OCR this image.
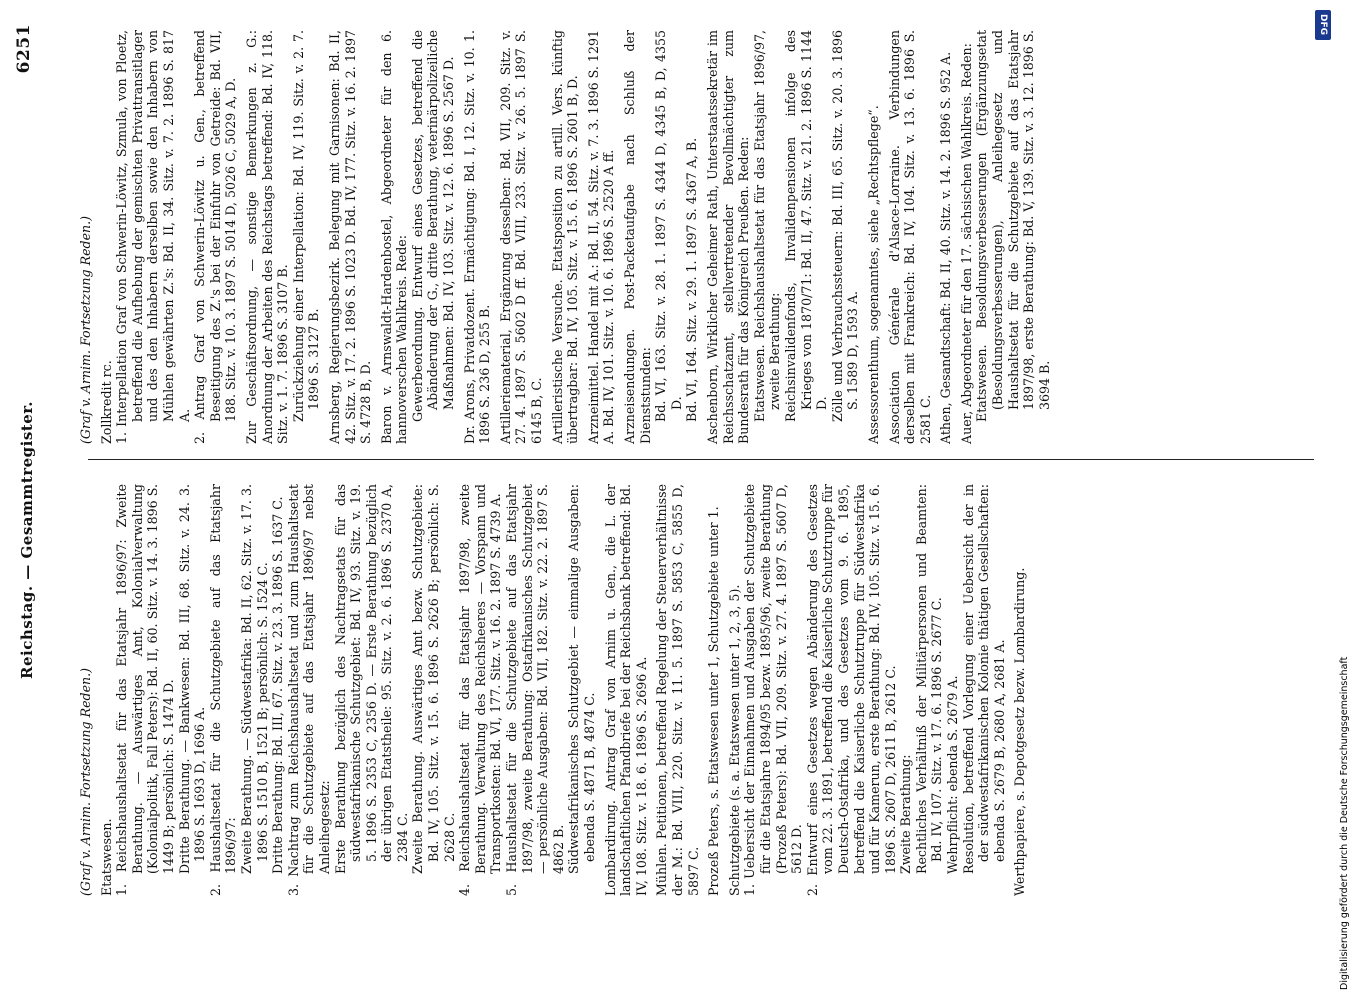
Reichstag. — Gesammtregister.
6251

(Graf v. Arnim. Fortsetzung Reden.) Etatswesen. 1. Reichshaushaltsetat für das Etatsjahr 1896/97: Zweite Berathung. — Auswärtiges Amt, Kolonialverwaltung (Kolonialpolitik, Fall Peters): Bd. II, 60. Sitz. v. 14. 3. 1896 S. 1449 B; persönlich: S. 1474 D. Dritte Berathung. — Bankwesen: Bd. III, 68. Sitz. v. 24. 3. 1896 S. 1693 D, 1696 A. 2. Haushaltsetat für die Schutzgebiete auf das Etatsjahr 1896/97: Zweite Berathung. — Südwestafrika: Bd. II, 62. Sitz. v. 17. 3. 1896 S. 1510 B, 1521 B; persönlich: S. 1524 C. Dritte Berathung: Bd. III, 67. Sitz. v. 23. 3. 1896 S. 1637 C. 3. Nachtrag zum Reichshaushaltsetat und zum Haushaltsetat für die Schutzgebiete auf das Etatsjahr 1896/97 nebst Anleihegesetz: Erste Berathung bezüglich des Nachtragsetats für das südwestafrikanische Schutzgebiet: Bd. IV, 93. Sitz. v. 19. 5. 1896 S. 2353 C, 2356 D. — Erste Berathung bezüglich der übrigen Etatstheile: 95. Sitz. v. 2. 6. 1896 S. 2370 A, 2384 C. Zweite Berathung. Auswärtiges Amt bezw. Schutzgebiete: Bd. IV, 105. Sitz. v. 15. 6. 1896 S. 2626 B; persönlich: S. 2628 C. 4. Reichshaushaltsetat für das Etatsjahr 1897/98, zweite Berathung. Verwaltung des Reichsheeres — Vorspann und Transportkosten: Bd. VI, 177. Sitz. v. 16. 2. 1897 S. 4739 A. 5. Haushaltsetat für die Schutzgebiete auf das Etatsjahr 1897/98, zweite Berathung: Ostafrikanisches Schutzgebiet — persönliche Ausgaben: Bd. VII, 182. Sitz. v. 22. 2. 1897 S. 4862 B. Südwestafrikanisches Schutzgebiet — einmalige Ausgaben: ebenda S. 4871 B, 4874 C. Lombardirung. Antrag Graf von Arnim u. Gen., die L. der landschaftlichen Pfandbriefe bei der Reichsbank betreffend: Bd. IV, 108. Sitz. v. 18. 6. 1896 S. 2696 A. Mühlen. Petitionen, betreffend Regelung der Steuerverhältnisse der M.: Bd. VIII, 220. Sitz. v. 11. 5. 1897 S. 5853 C, 5855 D, 5897 C. Prozeß Peters, s. Etatswesen unter 1, Schutzgebiete unter 1. Schutzgebiete (s. a. Etatswesen unter 1, 2, 3, 5). 1. Uebersicht der Einnahmen und Ausgaben der Schutzgebiete für die Etatsjahre 1894/95 bezw. 1895/96, zweite Berathung (Prozeß Peters): Bd. VII, 209. Sitz. v. 27. 4. 1897 S. 5607 D, 5612 D. 2. Entwurf eines Gesetzes wegen Abänderung des Gesetzes vom 22. 3. 1891, betreffend die Kaiserliche Schutztruppe für Deutsch-Ostafrika, und des Gesetzes vom 9. 6. 1895, betreffend die Kaiserliche Schutztruppe für Südwestafrika und für Kamerun, erste Berathung: Bd. IV, 105. Sitz. v. 15. 6. 1896 S. 2607 D, 2611 B, 2612 C. Zweite Berathung: Rechtliches Verhältniß der Militärpersonen und Beamten: Bd. IV, 107. Sitz. v. 17. 6. 1896 S. 2677 C. Wehrpflicht: ebenda S. 2679 A. Resolution, betreffend Vorlegung einer Uebersicht der in der südwestafrikanischen Kolonie thätigen Gesellschaften: ebenda S. 2679 B, 2680 A, 2681 A. Werthpapiere, s. Depotgesetz bezw. Lombardirung.

(Graf v. Arnim. Fortsetzung Reden.) Zollkredit rc. 1. Interpellation Graf von Schwerin-Löwitz, Szmula, von Ploetz, betreffend die Aufhebung der gemischten Privattransitlager und des den Inhabern derselben sowie den Inhabern von Mühlen gewährten Z.'s: Bd. II, 34. Sitz. v. 7. 2. 1896 S. 817 A. 2. Antrag Graf von Schwerin-Löwitz u. Gen., betreffend Beseitigung des Z.'s bei der Einfuhr von Getreide: Bd. VII, 188. Sitz. v. 10. 3. 1897 S. 5014 D, 5026 C, 5029 A, D. Zur Geschäftsordnung, — sonstige Bemerkungen z. G.: Anordnung der Arbeiten des Reichstags betreffend: Bd. IV, 118. Sitz. v. 1. 7. 1896 S. 3107 B. Zurückziehung einer Interpellation: Bd. IV, 119. Sitz. v. 2. 7. 1896 S. 3127 B. Arnsberg, Regierungsbezirk. Belegung mit Garnisonen: Bd. II, 42. Sitz. v. 17. 2. 1896 S. 1023 D. Bd. IV, 177. Sitz. v. 16. 2. 1897 S. 4728 B, D. Baron v. Arnswaldt-Hardenbostel, Abgeordneter für den 6. hannoverschen Wahlkreis. Rede: Gewerbeordnung. Entwurf eines Gesetzes, betreffend die Abänderung der G., dritte Berathung, veterinärpolizeiliche Maßnahmen: Bd. IV, 103. Sitz. v. 12. 6. 1896 S. 2567 D. Dr. Arons, Privatdozent. Ermächtigung: Bd. I, 12. Sitz. v. 10. 1. 1896 S. 236 D, 255 B. Artilleriematerial, Ergänzung desselben: Bd. VII, 209. Sitz. v. 27. 4. 1897 S. 5602 D ff. Bd. VIII, 233. Sitz. v. 26. 5. 1897 S. 6145 B, C. Artilleristische Versuche. Etatsposition zu artill. Vers. künftig übertragbar: Bd. IV, 105. Sitz. v. 15. 6. 1896 S. 2601 B, D. Arzneimittel. Handel mit A.: Bd. II, 54. Sitz. v. 7. 3. 1896 S. 1291 A. Bd. IV, 101. Sitz. v. 10. 6. 1896 S. 2520 A ff. Arzneisendungen. Post-Packetaufgabe nach Schluß der Dienststunden: Bd. VI, 163. Sitz. v. 28. 1. 1897 S. 4344 D, 4345 B, D, 4355 D. Bd. VI, 164. Sitz. v. 29. 1. 1897 S. 4367 A, B. Aschenborn, Wirklicher Geheimer Rath, Unterstaatssekretär im Reichsschatzamt, stellvertretender Bevollmächtigter zum Bundesrath für das Königreich Preußen. Reden: Etatswesen. Reichshaushaltsetat für das Etatsjahr 1896/97, zweite Berathung: Reichsinvalidenfonds, Invalidenpensionen infolge des Krieges von 1870/71: Bd. II, 47. Sitz. v. 21. 2. 1896 S. 1144 D. Zölle und Verbrauchssteuern: Bd. III, 65. Sitz. v. 20. 3. 1896 S. 1589 D, 1593 A. Assessorenthum, sogenanntes, siehe „Rechtspflege“. Association Générale d'Alsace-Lorraine. Verbindungen derselben mit Frankreich: Bd. IV, 104. Sitz. v. 13. 6. 1896 S. 2581 C. Athen, Gesandtschaft: Bd. II, 40. Sitz. v. 14. 2. 1896 S. 952 A. Auer, Abgeordneter für den 17. sächsischen Wahlkreis. Reden: Etatswesen. Besoldungsverbesserungen (Ergänzungsetat (Besoldungsverbesserungen), Anleihegesetz und Haushaltsetat für die Schutzgebiete auf das Etatsjahr 1897/98, erste Berathung: Bd. V, 139. Sitz. v. 3. 12. 1896 S. 3694 B.

DFG
Digitalisierung gefördert durch die Deutsche Forschungsgemeinschaft
